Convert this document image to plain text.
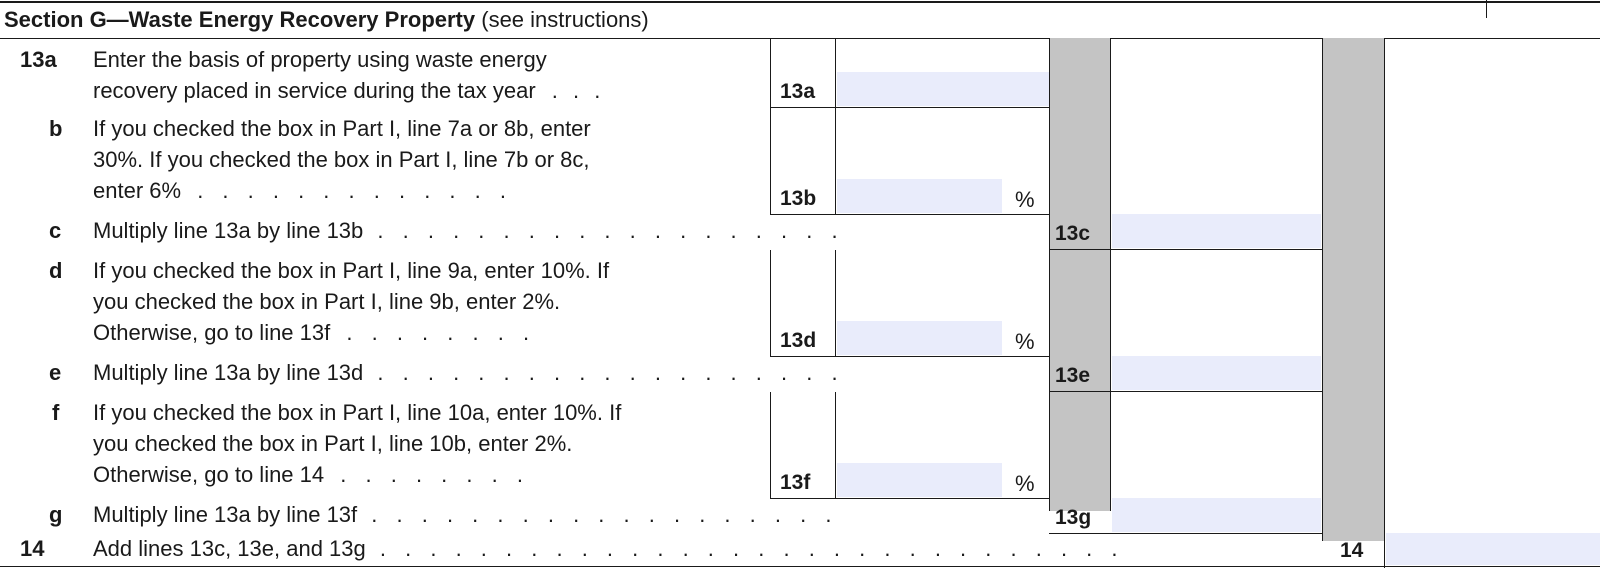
Section G—Waste Energy Recovery Property (see instructions)
13a
13b
13c
13d
13e
13f
13g
14
%
%
%
13a Enter the basis of property using waste energy
recovery placed in service during the tax year . . .
b If you checked the box in Part I, line 7a or 8b, enter
30%. If you checked the box in Part I, line 7b or 8c,
enter 6% . . . . . . . . . . . . .
c Multiply line 13a by line 13b . . . . . . . . . . . . . . . . . . .
d If you checked the box in Part I, line 9a, enter 10%. If
you checked the box in Part I, line 9b, enter 2%.
Otherwise, go to line 13f . . . . . . . .
e Multiply line 13a by line 13d . . . . . . . . . . . . . . . . . . .
f If you checked the box in Part I, line 10a, enter 10%. If
you checked the box in Part I, line 10b, enter 2%.
Otherwise, go to line 14 . . . . . . . .
g Multiply line 13a by line 13f . . . . . . . . . . . . . . . . . . .
14 Add lines 13c, 13e, and 13g . . . . . . . . . . . . . . . . . . . . . . . . . . . . . .
